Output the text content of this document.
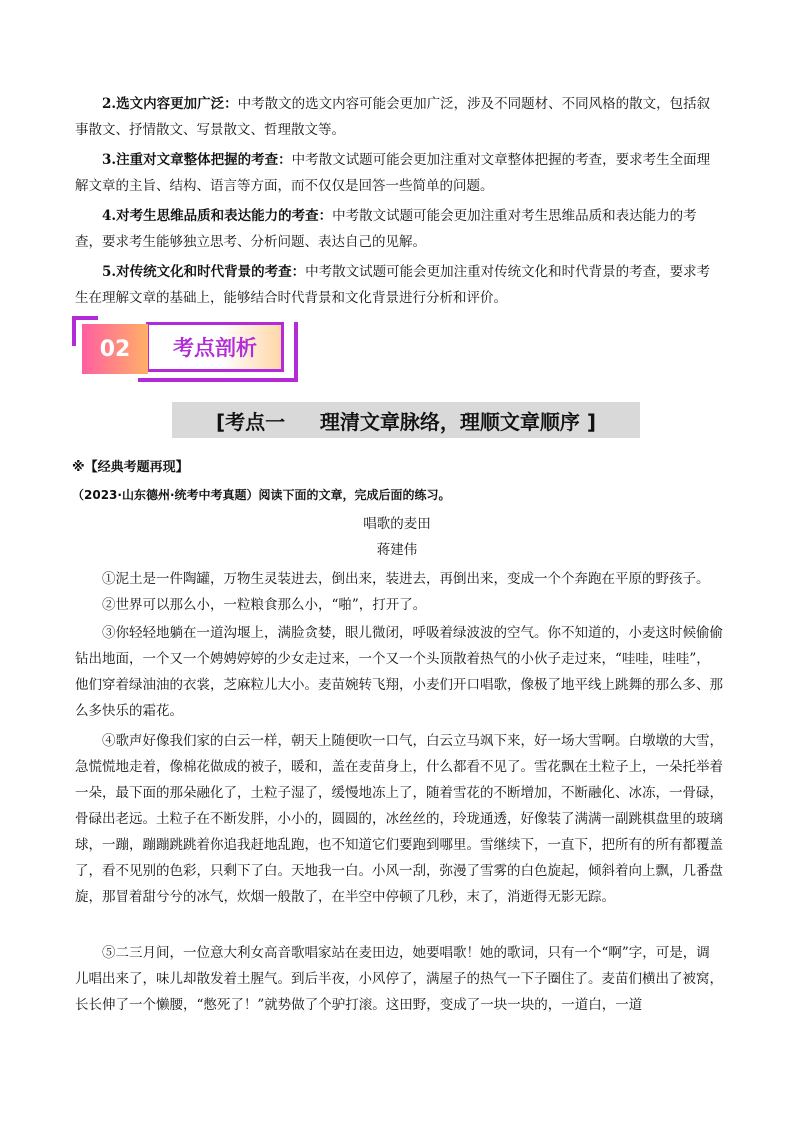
2.选文内容更加广泛：中考散文的选文内容可能会更加广泛，涉及不同题材、不同风格的散文，包括叙事散文、抒情散文、写景散文、哲理散文等。
3.注重对文章整体把握的考查：中考散文试题可能会更加注重对文章整体把握的考查，要求考生全面理解文章的主旨、结构、语言等方面，而不仅仅是回答一些简单的问题。
4.对考生思维品质和表达能力的考查：中考散文试题可能会更加注重对考生思维品质和表达能力的考查，要求考生能够独立思考、分析问题、表达自己的见解。
5.对传统文化和时代背景的考查：中考散文试题可能会更加注重对传统文化和时代背景的考查，要求考生在理解文章的基础上，能够结合时代背景和文化背景进行分析和评价。
考点剖析
02
[考点一     理清文章脉络，理顺文章顺序 ]
※【经典考题再现】
（2023·山东德州·统考中考真题）阅读下面的文章，完成后面的练习。
唱歌的麦田
蒋建伟
①泥土是一件陶罐，万物生灵装进去，倒出来，装进去，再倒出来，变成一个个奔跑在平原的野孩子。
②世界可以那么小，一粒粮食那么小，“啪”，打开了。
③你轻轻地躺在一道沟堰上，满脸贪婪，眼儿微闭，呼吸着绿波波的空气。你不知道的，小麦这时候偷偷钻出地面，一个又一个娉娉婷婷的少女走过来，一个又一个头顶散着热气的小伙子走过来，“哇哇，哇哇”，他们穿着绿油油的衣裳，芝麻粒儿大小。麦苗婉转飞翔，小麦们开口唱歌，像极了地平线上跳舞的那么多、那么多快乐的霜花。
④歌声好像我们家的白云一样，朝天上随便吹一口气，白云立马飒下来，好一场大雪啊。白墩墩的大雪，急慌慌地走着，像棉花做成的被子，暖和，盖在麦苗身上，什么都看不见了。雪花飘在土粒子上，一朵托举着一朵，最下面的那朵融化了，土粒子湿了，缓慢地冻上了，随着雪花的不断增加，不断融化、冰冻，一骨碌，骨碌出老远。土粒子在不断发胖，小小的，圆圆的，冰丝丝的，玲珑通透，好像装了满满一副跳棋盘里的玻璃球，一蹦，蹦蹦跳跳着你追我赶地乱跑，也不知道它们要跑到哪里。雪继续下，一直下，把所有的所有都覆盖了，看不见别的色彩，只剩下了白。天地我一白。小风一刮，弥漫了雪雾的白色旋起，倾斜着向上飘，几番盘旋，那冒着甜兮兮的冰气，炊烟一般散了，在半空中停顿了几秒，末了，消逝得无影无踪。
⑤二三月间，一位意大利女高音歌唱家站在麦田边，她要唱歌！她的歌词，只有一个“啊”字，可是，调儿唱出来了，味儿却散发着土腥气。到后半夜，小风停了，满屋子的热气一下子圈住了。麦苗们横出了被窝，长长伸了一个懒腰，“憋死了！”就势做了个驴打滚。这田野，变成了一块一块的，一道白，一道
